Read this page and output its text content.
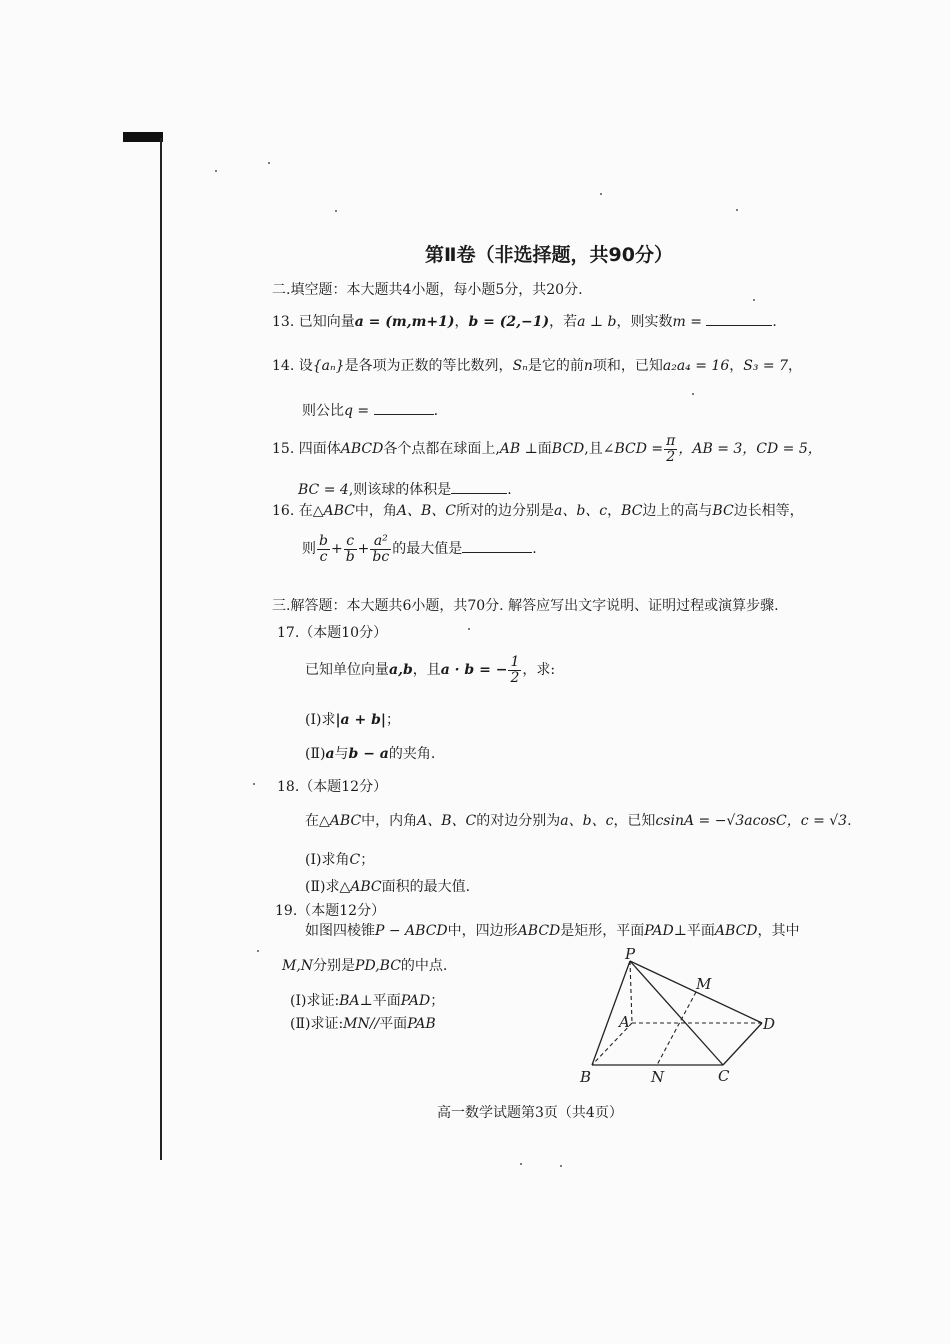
第Ⅱ卷（非选择题，共90分）
二.填空题：本大题共4小题，每小题5分，共20分.
13. 已知向量a = (m,m+1)，b = (2,−1)，若a ⊥ b，则实数m =	.
14. 设{aₙ}是各项为正数的等比数列，Sₙ是它的前n项和，已知a₂a₄ = 16，S₃ = 7，
则公比q =	.
15. 四面体ABCD各个点都在球面上,AB ⊥面BCD,且∠BCD = $\frac{\pi}{2}$ ，AB = 3，CD = 5，
BC = 4,则该球的体积是	.
16. 在△ABC中，角A、B、C所对的边分别是a、b、c，BC边上的高与BC边长相等，
则 $\frac{b}{c} + \frac{c}{b} + \frac{\text{a²}}{bc}$ 的最大值是	.
三.解答题：本大题共6小题，共70分. 解答应写出文字说明、证明过程或演算步骤.
17.（本题10分）
已知单位向量a,b，且a · b = − $\frac{1}{2}$ ，求:
(Ⅰ)求|a + b|；
(Ⅱ)a与b − a的夹角.
18.（本题12分）
在△ABC中，内角A、B、C的对边分别为a、b、c，已知csinA = −√3acosC，c = √3.
(Ⅰ)求角C；
(Ⅱ)求△ABC面积的最大值.
19.（本题12分）
如图四棱锥P − ABCD中，四边形ABCD是矩形，平面PAD⊥平面ABCD，其中
M,N分别是PD,BC的中点.
(Ⅰ)求证:BA⊥平面PAD；
(Ⅱ)求证:MN//平面PAB
P
M
A	D
B	N	C
高一数学试题第3页（共4页）
